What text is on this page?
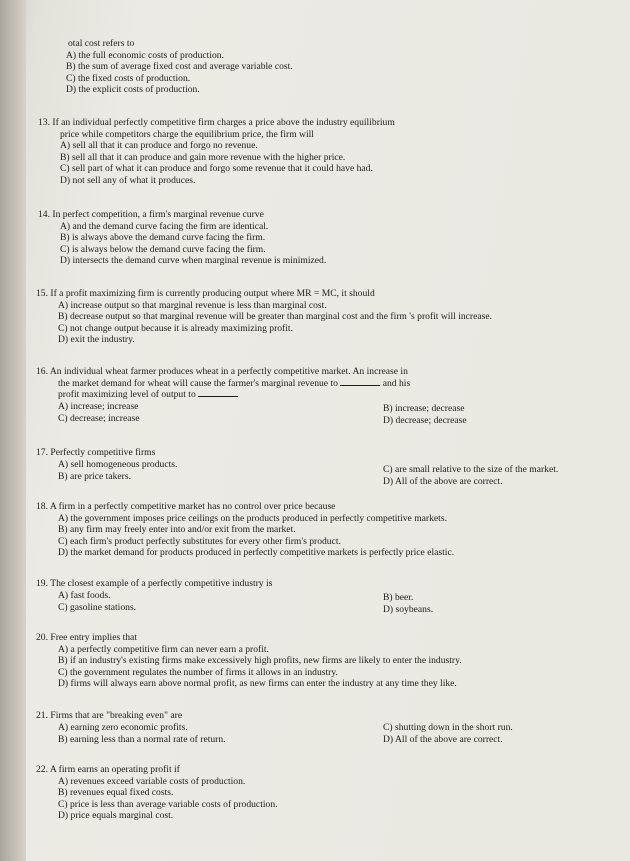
otal cost refers to
A) the full economic costs of production.
B) the sum of average fixed cost and average variable cost.
C) the fixed costs of production.
D) the explicit costs of production.
13. If an individual perfectly competitive firm charges a price above the industry equilibrium
price while competitors charge the equilibrium price, the firm will
A) sell all that it can produce and forgo no revenue.
B) sell all that it can produce and gain more revenue with the higher price.
C) sell part of what it can produce and forgo some revenue that it could have had.
D) not sell any of what it produces.
14. In perfect competition, a firm's marginal revenue curve
A) and the demand curve facing the firm are identical.
B) is always above the demand curve facing the firm.
C) is always below the demand curve facing the firm.
D) intersects the demand curve when marginal revenue is minimized.
15. If a profit maximizing firm is currently producing output where MR = MC, it should
A) increase output so that marginal revenue is less than marginal cost.
B) decrease output so that marginal revenue will be greater than marginal cost and the firm 's profit will increase.
C) not change output because it is already maximizing profit.
D) exit the industry.
16. An individual wheat farmer produces wheat in a perfectly competitive market. An increase in
the market demand for wheat will cause the farmer's marginal revenue to	and his
profit maximizing level of output to
A) increase; increase
C) decrease; increase
B) increase; decrease
D) decrease; decrease
17. Perfectly competitive firms
A) sell homogeneous products.
B) are price takers.
C) are small relative to the size of the market.
D) All of the above are correct.
18. A firm in a perfectly competitive market has no control over price because
A) the government imposes price ceilings on the products produced in perfectly competitive markets.
B) any firm may freely enter into and/or exit from the market.
C) each firm's product perfectly substitutes for every other firm's product.
D) the market demand for products produced in perfectly competitive markets is perfectly price elastic.
19. The closest example of a perfectly competitive industry is
A) fast foods.
C) gasoline stations.
B) beer.
D) soybeans.
20. Free entry implies that
A) a perfectly competitive firm can never earn a profit.
B) if an industry's existing firms make excessively high profits, new firms are likely to enter the industry.
C) the government regulates the number of firms it allows in an industry.
D) firms will always earn above normal profit, as new firms can enter the industry at any time they like.
21. Firms that are "breaking even" are
A) earning zero economic profits.
B) earning less than a normal rate of return.
C) shutting down in the short run.
D) All of the above are correct.
22. A firm earns an operating profit if
A) revenues exceed variable costs of production.
B) revenues equal fixed costs.
C) price is less than average variable costs of production.
D) price equals marginal cost.
